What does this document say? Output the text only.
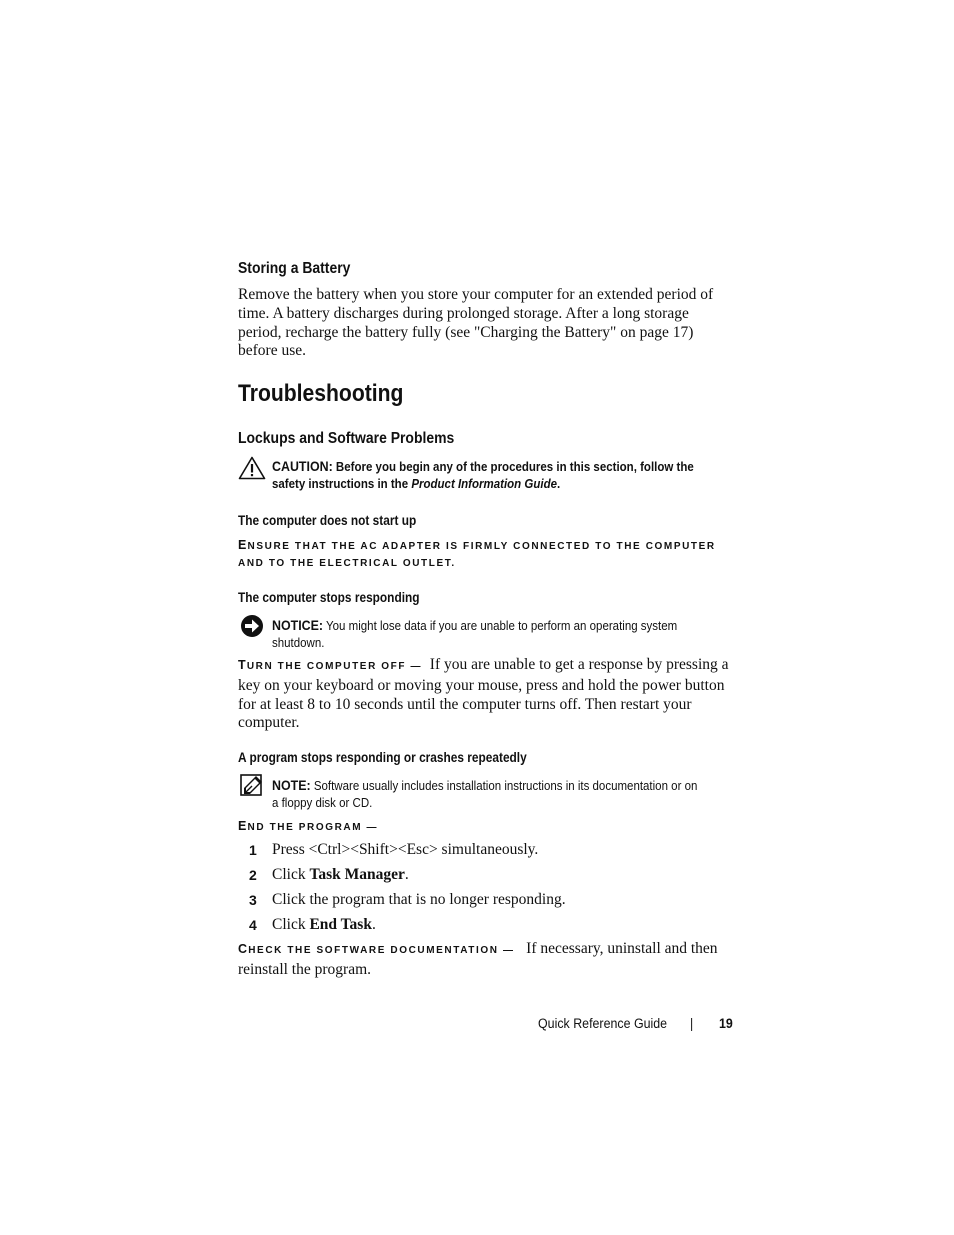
Storing a Battery
Remove the battery when you store your computer for an extended period of time. A battery discharges during prolonged storage. After a long storage period, recharge the battery fully (see "Charging the Battery" on page 17) before use.
Troubleshooting
Lockups and Software Problems
CAUTION: Before you begin any of the procedures in this section, follow the safety instructions in the Product Information Guide.
The computer does not start up
ENSURE THAT THE AC ADAPTER IS FIRMLY CONNECTED TO THE COMPUTER AND TO THE ELECTRICAL OUTLET.
The computer stops responding
NOTICE: You might lose data if you are unable to perform an operating system shutdown.
TURN THE COMPUTER OFF — If you are unable to get a response by pressing a key on your keyboard or moving your mouse, press and hold the power button for at least 8 to 10 seconds until the computer turns off. Then restart your computer.
A program stops responding or crashes repeatedly
NOTE: Software usually includes installation instructions in its documentation or on a floppy disk or CD.
END THE PROGRAM —
1 Press <Ctrl><Shift><Esc> simultaneously.
2 Click Task Manager.
3 Click the program that is no longer responding.
4 Click End Task.
CHECK THE SOFTWARE DOCUMENTATION — If necessary, uninstall and then reinstall the program.
Quick Reference Guide | 19
